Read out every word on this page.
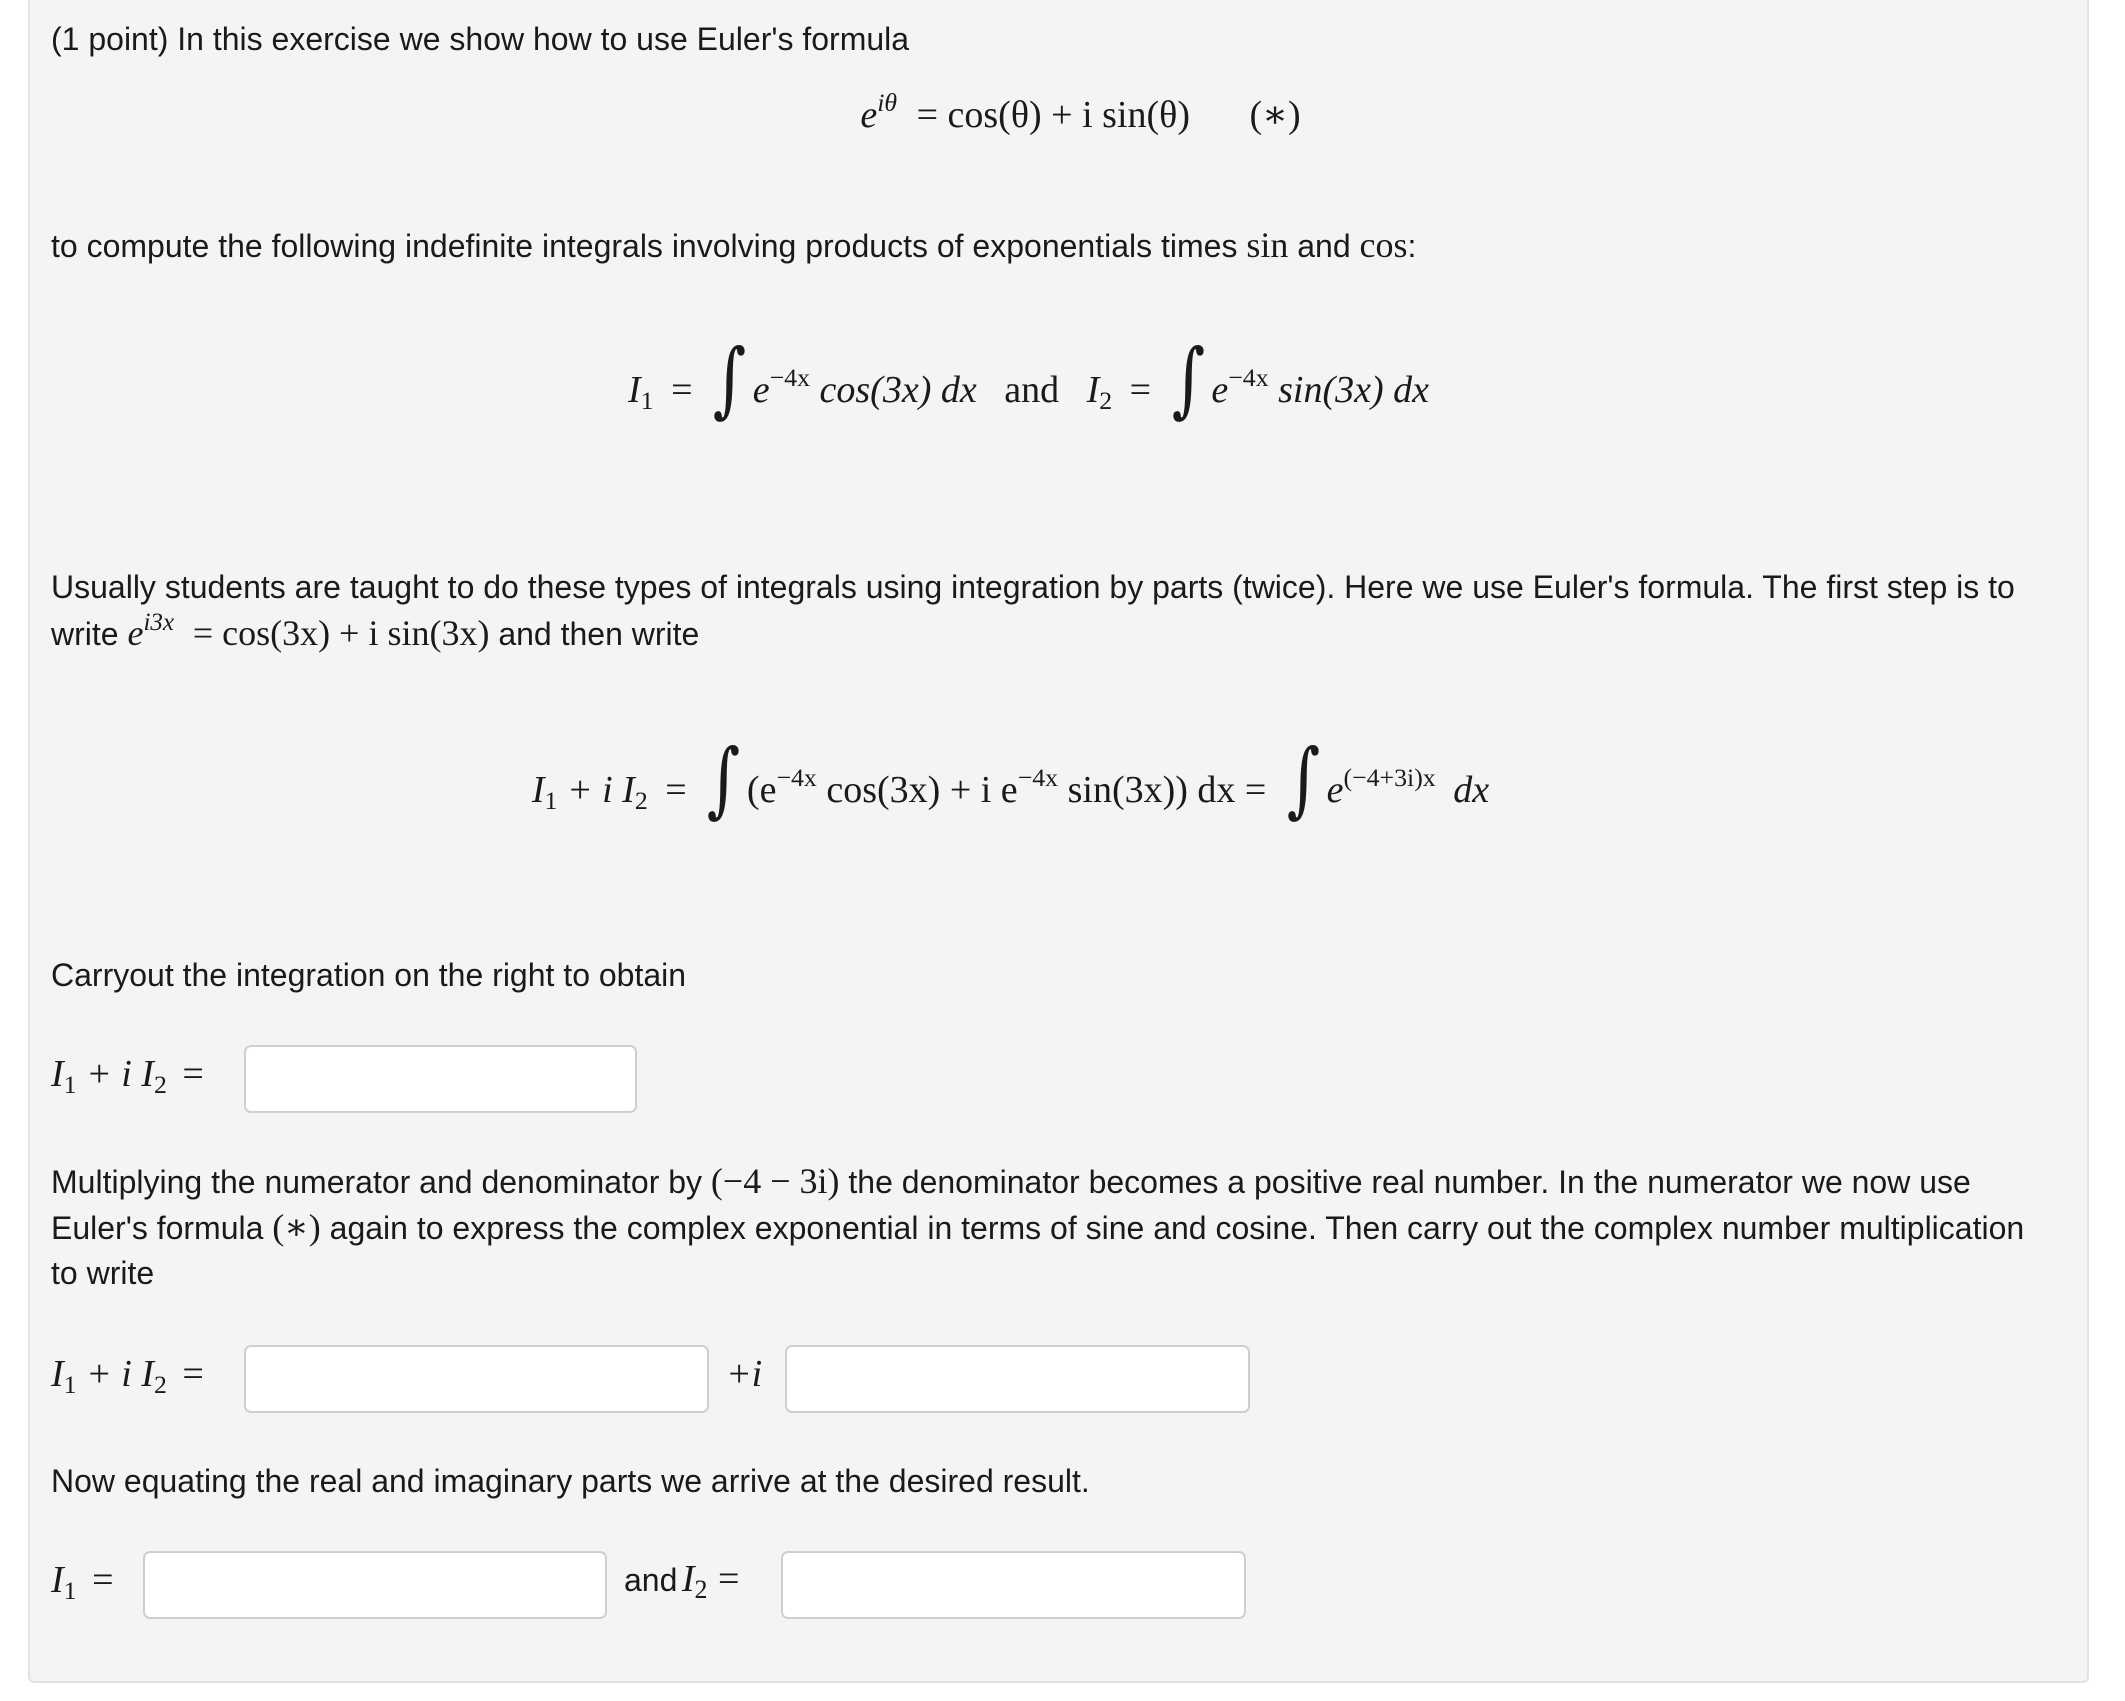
(1 point) In this exercise we show how to use Euler's formula
$e^{i\theta} = \cos(\theta) + i$ sin(θ) (∗)
to compute the following indefinite integrals involving products of exponentials times sin and cos:
I1 = ∫ $e^{-4x}$ cos(3x) dx and I2 = ∫ $e^{-4x}$ sin(3x) dx
Usually students are taught to do these types of integrals using integration by parts (twice). Here we use Euler's formula. The first step is to
write $e^{i3x} = \cos(3x) + i$ sin(3x) and then write
I1 + i I2 = ∫ ($e^{-4x}$ cos(3x) + i $e^{-4x}$ sin(3x)) dx = ∫ $e^{(-4+3i)x}$ dx
Carryout the integration on the right to obtain
I1 + i I2 =
Multiplying the numerator and denominator by (−4 − 3i) the denominator becomes a positive real number. In the numerator we now use
Euler's formula (∗) again to express the complex exponential in terms of sine and cosine. Then carry out the complex number multiplication
to write
I1 + i I2 =	+i
Now equating the real and imaginary parts we arrive at the desired result.
I1 =	and I2 =
